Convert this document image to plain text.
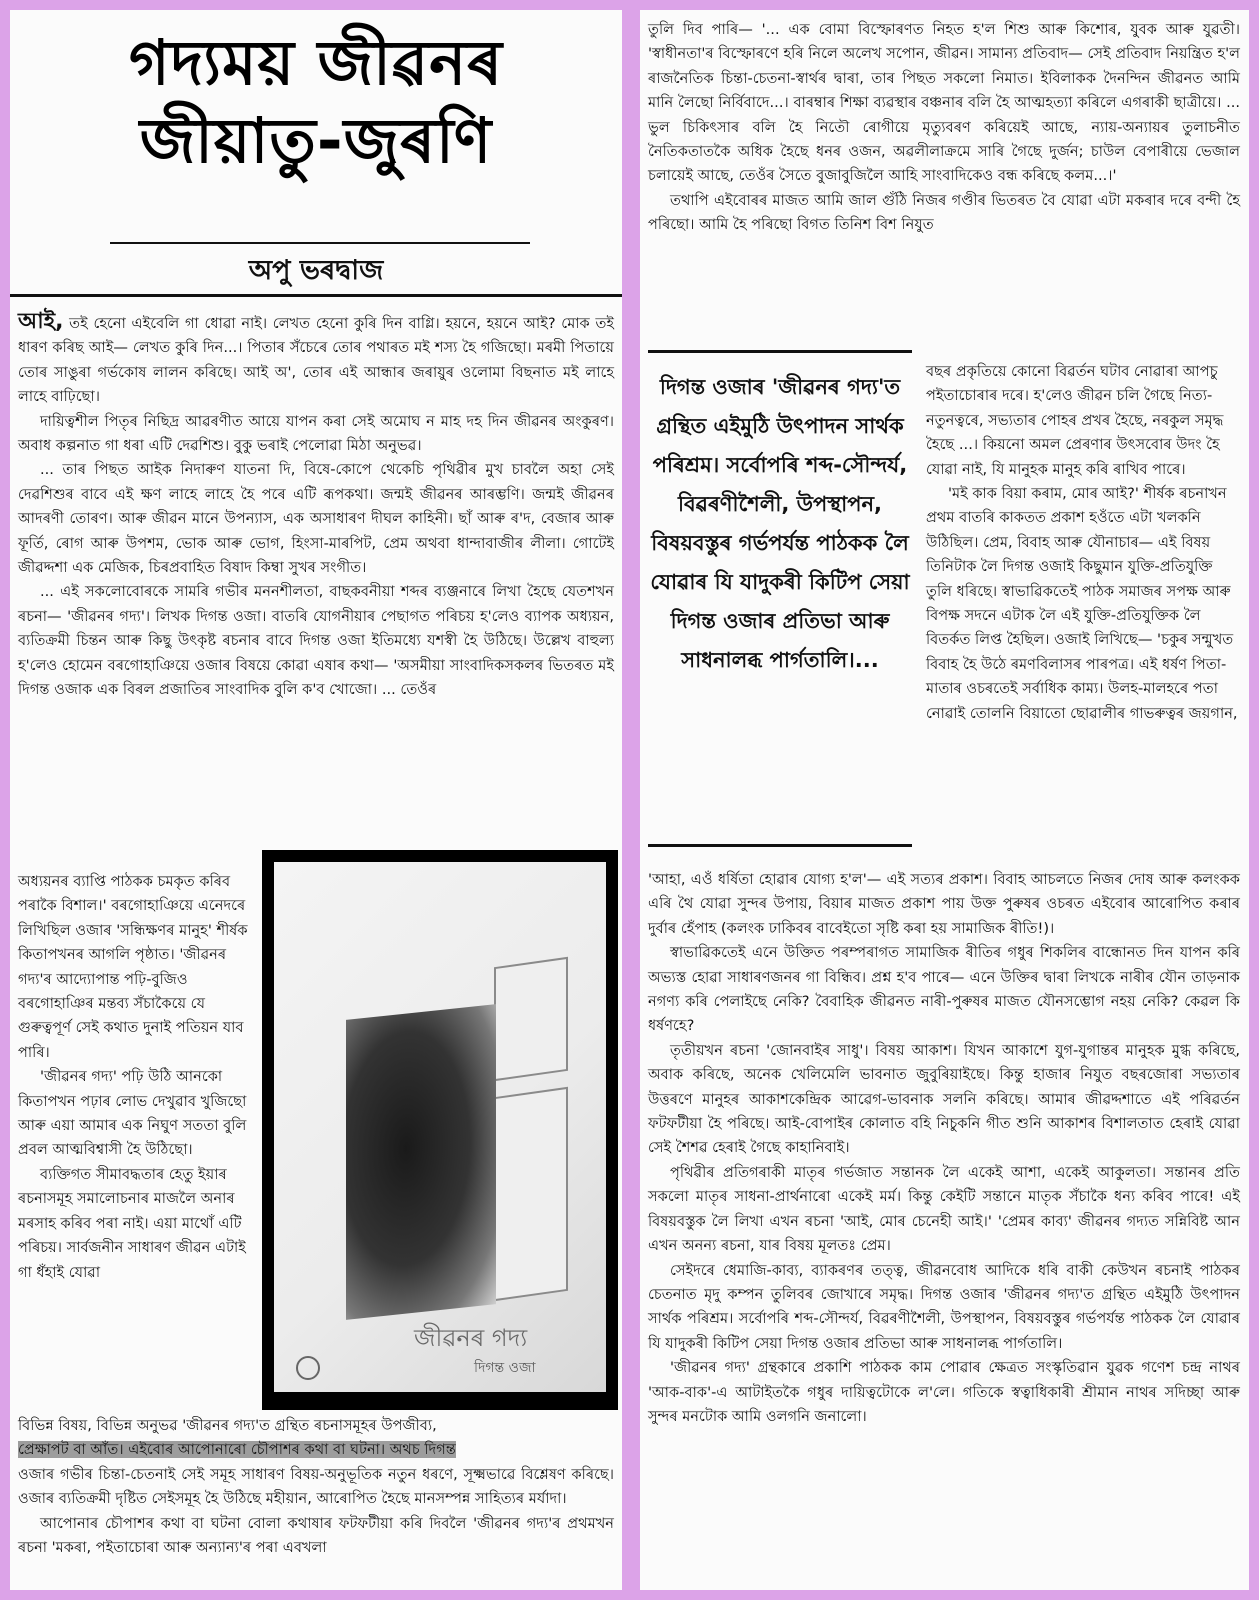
গদ্যময় জীৱনৰ
জীয়াতু-জুৰণি
অপু ভৰদ্বাজ

আই, তই হেনো এইবেলি গা ধোৱা নাই। লেখত হেনো কুৰি দিন বাগ্লি। হয়নে, হয়নে আই? মোক তই ধাৰণ কৰিছ আই— লেখত কুৰি দিন...। পিতাৰ সঁচেৰে তোৰ পথাৰত মই শস্য হৈ গজিছো। মৰমী পিতায়ে তোৰ সাঙুৰা গৰ্ভকোষ লালন কৰিছে। আই অ', তোৰ এই আন্ধাৰ জৰায়ুৰ ওলোমা বিছনাত মই লাহে লাহে বাঢ়িছো।

দায়িত্বশীল পিতৃৰ নিছিদ্ৰ আৱৰণীত আয়ে যাপন কৰা সেই অমোঘ ন মাহ দহ দিন জীৱনৰ অংকুৰণ। অবাধ কল্পনাত গা ধৰা এটি দেৱশিশু। বুকু ভৰাই পেলোৱা মিঠা অনুভৱ।

... তাৰ পিছত আইক নিদাৰুণ যাতনা দি, বিষে-কোপে থেকেচি পৃথিৱীৰ মুখ চাবলৈ অহা সেই দেৱশিশুৰ বাবে এই ক্ষণ লাহে লাহে হৈ পৰে এটি ৰূপকথা। জন্মই জীৱনৰ আৰম্ভণি। জন্মই জীৱনৰ আদৰণী তোৰণ। আৰু জীৱন মানে উপন্যাস, এক অসাধাৰণ দীঘল কাহিনী। ছাঁ আৰু ৰ'দ, বেজাৰ আৰু ফূৰ্তি, ৰোগ আৰু উপশম, ভোক আৰু ভোগ, হিংসা-মাৰপিট, প্ৰেম অথবা ধান্দাবাজীৰ লীলা। গোটেই জীৱদ্দশা এক মেজিক, চিৰপ্ৰবাহিত বিষাদ কিম্বা সুখৰ সংগীত।

... এই সকলোবোৰকে সামৰি গভীৰ মননশীলতা, বাছকবনীয়া শব্দৰ ব্যঞ্জনাৰে লিখা হৈছে যেতশখন ৰচনা— 'জীৱনৰ গদ্য'। লিখক দিগন্ত ওজা। বাতৰি যোগনীয়াৰ পেছাগত পৰিচয় হ'লেও ব্যাপক অধ্যয়ন, ব্যতিক্ৰমী চিন্তন আৰু কিছু উৎকৃষ্ট ৰচনাৰ বাবে দিগন্ত ওজা ইতিমধ্যে যশস্বী হৈ উঠিছে। উল্লেখ বাহুল্য হ'লেও হোমেন বৰগোহাঞিয়ে ওজাৰ বিষয়ে কোৱা এষাৰ কথা— 'অসমীয়া সাংবাদিকসকলৰ ভিতৰত মই দিগন্ত ওজাক এক বিৰল প্ৰজাতিৰ সাংবাদিক বুলি ক'ব খোজো। ... তেওঁৰ

অধ্যয়নৰ ব্যাপ্তি পাঠকক চমকৃত কৰিব পৰাকৈ বিশাল।' বৰগোহাঞিয়ে এনেদৰে লিখিছিল ওজাৰ 'সন্ধিক্ষণৰ মানুহ' শীৰ্ষক কিতাপখনৰ আগলি পৃষ্ঠাত। 'জীৱনৰ গদ্য'ৰ আদ্যোপান্ত পঢ়ি-বুজিও বৰগোহাঞিৰ মন্তব্য সঁচাকৈয়ে যে গুৰুত্বপূৰ্ণ সেই কথাত দুনাই পতিয়ন যাব পাৰি।

'জীৱনৰ গদ্য' পঢ়ি উঠি আনকো কিতাপখন পঢ়াৰ লোভ দেখুৱাব খুজিছো আৰু এয়া আমাৰ এক নিঘুণ সততা বুলি প্ৰবল আত্মবিশ্বাসী হৈ উঠিছো।

ব্যক্তিগত সীমাবদ্ধতাৰ হেতু ইয়াৰ ৰচনাসমূহ সমালোচনাৰ মাজলৈ অনাৰ মৰসাহ কৰিব পৰা নাই। এয়া মাথোঁ এটি পৰিচয়। সাৰ্বজনীন সাধাৰণ জীৱন এটাই গা ধঁহাই যোৱা

জীৱনৰ গদ্য
দিগন্ত ওজা

বিভিন্ন বিষয়, বিভিন্ন অনুভৱ 'জীৱনৰ গদ্য'ত গ্ৰন্থিত ৰচনাসমূহৰ উপজীব্য,

প্ৰেক্ষাপট বা আঁত। এইবোৰ আপোনাৰো চৌপাশৰ কথা বা ঘটনা। অথচ দিগন্ত

ওজাৰ গভীৰ চিন্তা-চেতনাই সেই সমূহ সাধাৰণ বিষয়-অনুভূতিক নতুন ধৰণে, সূক্ষ্মভাৱে বিশ্লেষণ কৰিছে। ওজাৰ ব্যতিক্ৰমী দৃষ্টিত সেইসমূহ হৈ উঠিছে মহীয়ান, আৰোপিত হৈছে মানসম্পন্ন সাহিত্যৰ মৰ্যাদা।

আপোনাৰ চৌপাশৰ কথা বা ঘটনা বোলা কথাষাৰ ফটফটীয়া কৰি দিবলৈ 'জীৱনৰ গদ্য'ৰ প্ৰথমখন ৰচনা 'মকৰা, পইতাচোৰা আৰু অন্যান্য'ৰ পৰা এবখলা

তুলি দিব পাৰি— '... এক বোমা বিস্ফোৰণত নিহত হ'ল শিশু আৰু কিশোৰ, যুবক আৰু যুৱতী। 'স্বাধীনতা'ৰ বিস্ফোৰণে হৰি নিলে অলেখ সপোন, জীৱন। সামান্য প্ৰতিবাদ— সেই প্ৰতিবাদ নিয়ন্ত্ৰিত হ'ল ৰাজনৈতিক চিন্তা-চেতনা-স্বাৰ্থৰ দ্বাৰা, তাৰ পিছত সকলো নিমাত। ইবিলাকক দৈনন্দিন জীৱনত আমি মানি লৈছো নিৰ্বিবাদে...। বাৰম্বাৰ শিক্ষা ব্যৱস্থাৰ বঞ্চনাৰ বলি হৈ আত্মহত্যা কৰিলে এগৰাকী ছাত্ৰীয়ে। ... ভুল চিকিৎসাৰ বলি হৈ নিতৌ ৰোগীয়ে মৃত্যুবৰণ কৰিয়েই আছে, ন্যায়-অন্যায়ৰ তুলাচনীত নৈতিকতাতকৈ অধিক হৈছে ধনৰ ওজন, অৱলীলাক্ৰমে সাৰি গৈছে দুৰ্জন; চাউল বেপাৰীয়ে ভেজাল চলায়েই আছে, তেওঁৰ সৈতে বুজাবুজিলৈ আহি সাংবাদিকেও বন্ধ কৰিছে কলম...।'

তথাপি এইবোৰৰ মাজত আমি জাল গুঁঠি নিজৰ গণ্ডীৰ ভিতৰত বৈ যোৱা এটা মকৰাৰ দৰে বন্দী হৈ পৰিছো। আমি হৈ পৰিছো বিগত তিনিশ বিশ নিযুত

দিগন্ত ওজাৰ 'জীৱনৰ গদ্য'ত গ্ৰন্থিত এইমুঠি উৎপাদন সাৰ্থক পৰিশ্ৰম। সৰ্বোপৰি শব্দ-সৌন্দৰ্য, বিৱৰণীশৈলী, উপস্থাপন, বিষয়বস্তুৰ গৰ্ভপৰ্যন্ত পাঠকক লৈ যোৱাৰ যি যাদুকৰী কিটিপ সেয়া দিগন্ত ওজাৰ প্ৰতিভা আৰু সাধনালব্ধ পাৰ্গতালি।...

বছৰ প্ৰকৃতিয়ে কোনো বিৱৰ্তন ঘটাব নোৱাৰা আপচু পইতাচোৰাৰ দৰে। হ'লেও জীৱন চলি গৈছে নিত্য-নতুনত্বৰে, সভ্যতাৰ পোহৰ প্ৰখৰ হৈছে, নৰকুল সমৃদ্ধ হৈছে ...। কিয়নো অমল প্ৰেৰণাৰ উৎসবোৰ উদং হৈ যোৱা নাই, যি মানুহক মানুহ কৰি ৰাখিব পাৰে।

'মই কাক বিয়া কৰাম, মোৰ আই?' শীৰ্ষক ৰচনাখন প্ৰথম বাতৰি কাকতত প্ৰকাশ হওঁতে এটা খলকনি উঠিছিল। প্ৰেম, বিবাহ আৰু যৌনাচাৰ— এই বিষয় তিনিটাক লৈ দিগন্ত ওজাই কিছুমান যুক্তি-প্ৰতিযুক্তি তুলি ধৰিছে। স্বাভাৱিকতেই পাঠক সমাজৰ সপক্ষ আৰু বিপক্ষ সদনে এটাক লৈ এই যুক্তি-প্ৰতিযুক্তিক লৈ বিতৰ্কত লিপ্ত হৈছিল। ওজাই লিখিছে— 'চকুৰ সন্মুখত বিবাহ হৈ উঠে ৰমণবিলাসৰ পাৰপত্ৰ। এই ধৰ্ষণ পিতা-মাতাৰ ওচৰতেই সৰ্বাধিক কাম্য। উলহ-মালহৰে পতা নোৱাই তোলনি বিয়াতো ছোৱালীৰ গাভৰুত্বৰ জয়গান,

'আহা, এওঁ ধৰ্ষিতা হোৱাৰ যোগ্য হ'ল'— এই সত্যৰ প্ৰকাশ। বিবাহ আচলতে নিজৰ দোষ আৰু কলংকক এৰি থৈ যোৱা সুন্দৰ উপায়, বিয়াৰ মাজত প্ৰকাশ পায় উক্ত পুৰুষৰ ওচৰত এইবোৰ আৰোপিত কৰাৰ দুৰ্বাৰ হেঁপাহ (কলংক ঢাকিবৰ বাবেইতো সৃষ্টি কৰা হয় সামাজিক ৰীতি!)।

স্বাভাৱিকতেই এনে উক্তিত পৰম্পৰাগত সামাজিক ৰীতিৰ গধুৰ শিকলিৰ বান্ধোনত দিন যাপন কৰি অভ্যস্ত হোৱা সাধাৰণজনৰ গা বিন্ধিব। প্ৰশ্ন হ'ব পাৰে— এনে উক্তিৰ দ্বাৰা লিখকে নাৰীৰ যৌন তাড়নাক নগণ্য কৰি পেলাইছে নেকি? বৈবাহিক জীৱনত নাৰী-পুৰুষৰ মাজত যৌনসম্ভোগ নহয় নেকি? কেৱল কি ধৰ্ষণহে?

তৃতীয়খন ৰচনা 'জোনবাইৰ সাধু'। বিষয় আকাশ। যিখন আকাশে যুগ-যুগান্তৰ মানুহক মুগ্ধ কৰিছে, অবাক কৰিছে, অনেক খেলিমেলি ভাবনাত জুবুৰিয়াইছে। কিন্তু হাজাৰ নিযুত বছৰজোৰা সভ্যতাৰ উত্তৰণে মানুহৰ আকাশকেন্দ্ৰিক আৱেগ-ভাবনাক সলনি কৰিছে। আমাৰ জীৱদ্দশাতে এই পৰিৱৰ্তন ফটফটীয়া হৈ পৰিছে। আই-বোপাইৰ কোলাত বহি নিচুকনি গীত শুনি আকাশৰ বিশালতাত হেৰাই যোৱা সেই শৈশৱ হেৰাই গৈছে কাহানিবাই।

পৃথিৱীৰ প্ৰতিগৰাকী মাতৃৰ গৰ্ভজাত সন্তানক লৈ একেই আশা, একেই আকুলতা। সন্তানৰ প্ৰতি সকলো মাতৃৰ সাধনা-প্ৰাৰ্থনাৰো একেই মৰ্ম। কিন্তু কেইটি সন্তানে মাতৃক সঁচাকৈ ধন্য কৰিব পাৰে! এই বিষয়বস্তুক লৈ লিখা এখন ৰচনা 'আই, মোৰ চেনেহী আই।' 'প্ৰেমৰ কাব্য' জীৱনৰ গদ্যত সন্নিবিষ্ট আন এখন অনন্য ৰচনা, যাৰ বিষয় মূলতঃ প্ৰেম।

সেইদৰে ধেমাজি-কাব্য, ব্যাকৰণৰ তত্ত্ব, জীৱনবোধ আদিকে ধৰি বাকী কেউখন ৰচনাই পাঠকৰ চেতনাত মৃদু কম্পন তুলিবৰ জোখাৰে সমৃদ্ধ। দিগন্ত ওজাৰ 'জীৱনৰ গদ্য'ত গ্ৰন্থিত এইমুঠি উৎপাদন সাৰ্থক পৰিশ্ৰম। সৰ্বোপৰি শব্দ-সৌন্দৰ্য, বিৱৰণীশৈলী, উপস্থাপন, বিষয়বস্তুৰ গৰ্ভপৰ্যন্ত পাঠকক লৈ যোৱাৰ যি যাদুকৰী কিটিপ সেয়া দিগন্ত ওজাৰ প্ৰতিভা আৰু সাধনালব্ধ পাৰ্গতালি।

'জীৱনৰ গদ্য' গ্ৰন্থকাৰে প্ৰকাশি পাঠকক কাম পোৱাৰ ক্ষেত্ৰত সংস্কৃতিৱান যুৱক গণেশ চন্দ্ৰ নাথৰ 'আক-বাক'-এ আটাইতকৈ গধুৰ দায়িত্বটোকে ল'লে। গতিকে স্বত্বাধিকাৰী শ্ৰীমান নাথৰ সদিচ্ছা আৰু সুন্দৰ মনটোক আমি ওলগনি জনালো।
